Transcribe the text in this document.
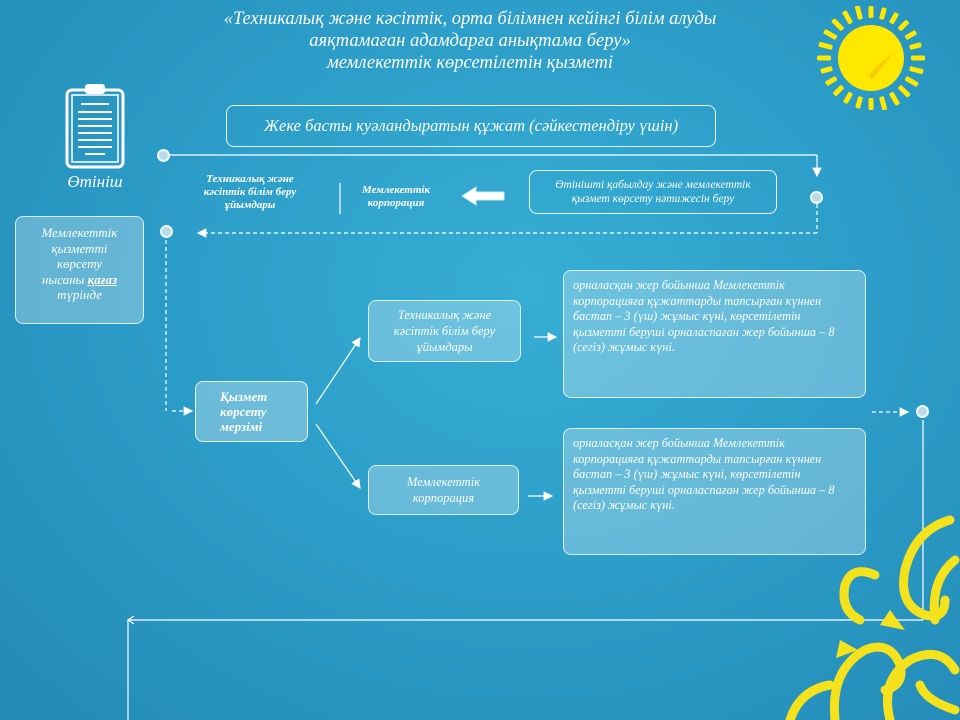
«Техникалық және кәсіптік, орта білімнен кейінгі білім алуды
аяқтамаған адамдарға анықтама беру»
мемлекеттік көрсетілетін қызметі
Өтініш
Жеке басты куәландыратын құжат (сәйкестендіру үшін)
Техникалық және кәсіптік білім беру ұйымдары
Мемлекеттік корпорация
Өтінішті қабылдау және мемлекеттік қызмет көрсету нәтижесін беру
Мемлекеттік
қызметті
көрсету
нысаны қағаз
түрінде
Қызмет көрсету мерзімі
Техникалық және кәсіптік білім беру ұйымдары
Мемлекеттік корпорация
орналасқан жер бойынша Мемлекеттік корпорацияға құжаттарды тапсырған күннен бастап – 3 (үш) жұмыс күні, көрсетілетін қызметті беруші орналаспаған жер бойынша – 8 (сегіз) жұмыс күні.
орналасқан жер бойынша Мемлекеттік корпорацияға құжаттарды тапсырған күннен бастап – 3 (үш) жұмыс күні, көрсетілетін қызметті беруші орналаспаған жер бойынша – 8 (сегіз) жұмыс күні.
